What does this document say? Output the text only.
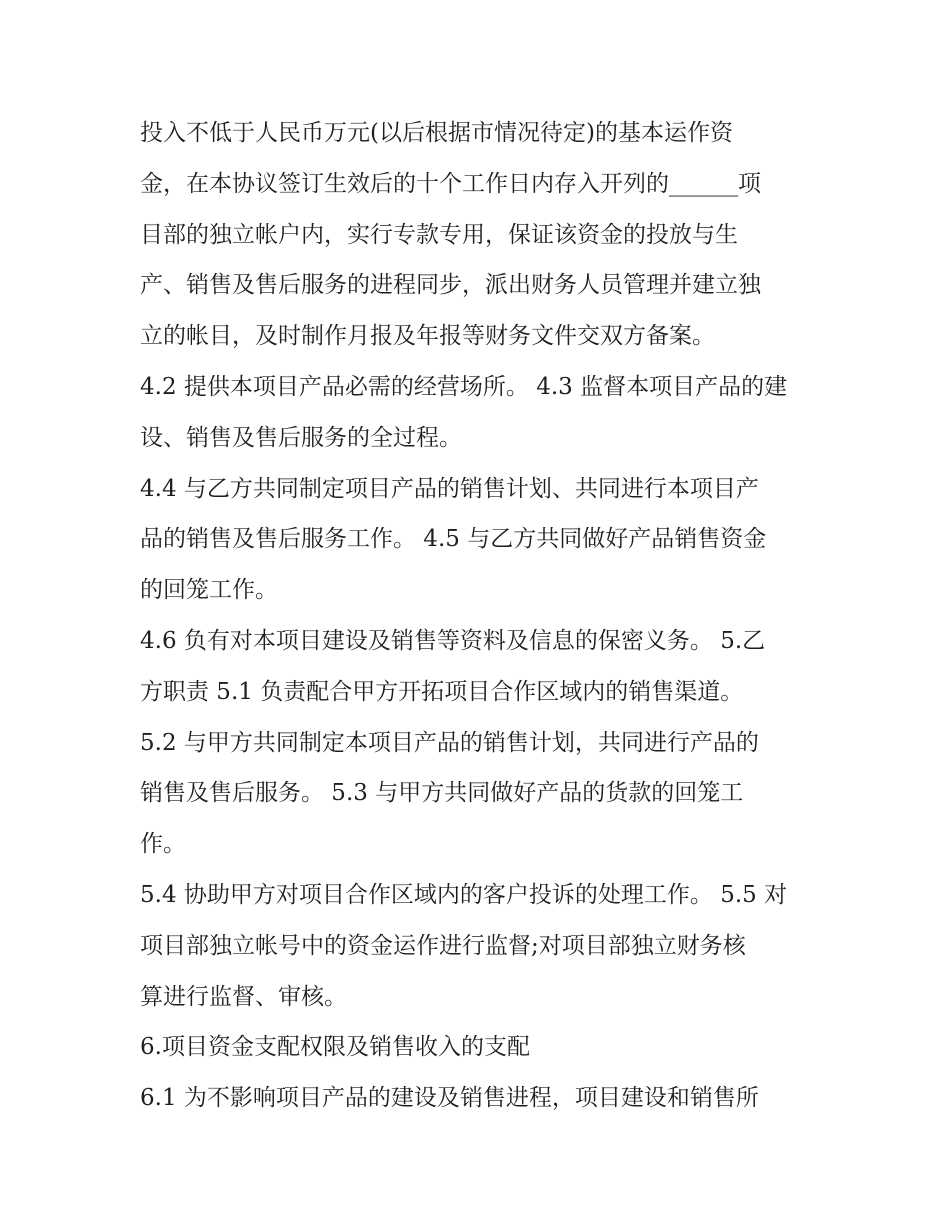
投入不低于人民币万元(以后根据市情况待定)的基本运作资
金，在本协议签订生效后的十个工作日内存入开列的______项
目部的独立帐户内，实行专款专用，保证该资金的投放与生
产、销售及售后服务的进程同步，派出财务人员管理并建立独
立的帐目，及时制作月报及年报等财务文件交双方备案。
4.2 提供本项目产品必需的经营场所。 4.3 监督本项目产品的建
设、销售及售后服务的全过程。
4.4 与乙方共同制定项目产品的销售计划、共同进行本项目产
品的销售及售后服务工作。 4.5 与乙方共同做好产品销售资金
的回笼工作。
4.6 负有对本项目建设及销售等资料及信息的保密义务。 5.乙
方职责 5.1 负责配合甲方开拓项目合作区域内的销售渠道。
5.2 与甲方共同制定本项目产品的销售计划，共同进行产品的
销售及售后服务。 5.3 与甲方共同做好产品的货款的回笼工
作。
5.4 协助甲方对项目合作区域内的客户投诉的处理工作。 5.5 对
项目部独立帐号中的资金运作进行监督;对项目部独立财务核
算进行监督、审核。
6.项目资金支配权限及销售收入的支配
6.1 为不影响项目产品的建设及销售进程，项目建设和销售所
